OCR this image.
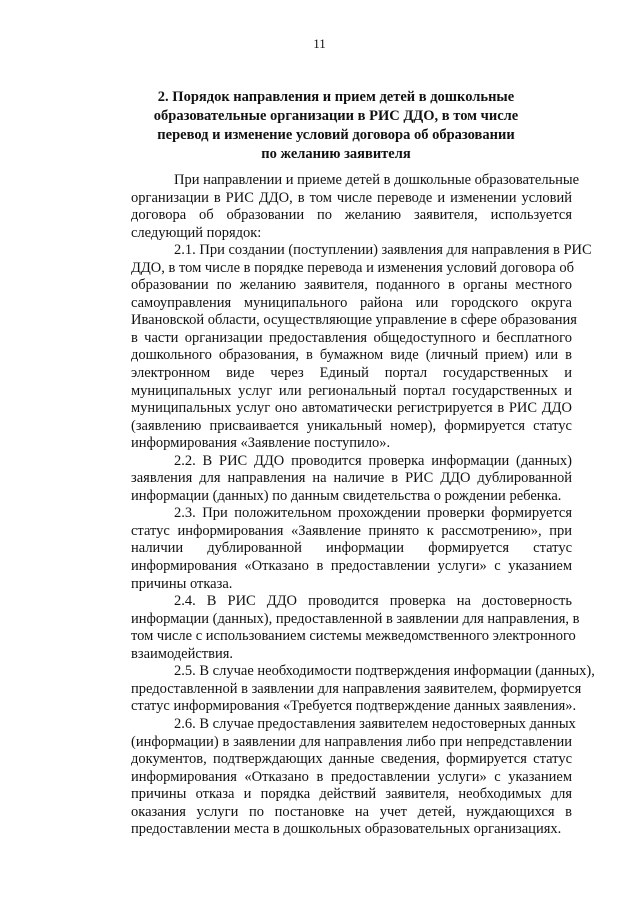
11
2. Порядок направления и прием детей в дошкольные
образовательные организации в РИС ДДО, в том числе
перевод и изменение условий договора об образовании
по желанию заявителя
При направлении и приеме детей в дошкольные образовательные
организации в РИС ДДО, в том числе переводе и изменении условий
договора об образовании по желанию заявителя, используется
следующий порядок:
2.1. При создании (поступлении) заявления для направления в РИС
ДДО, в том числе в порядке перевода и изменения условий договора об
образовании по желанию заявителя, поданного в органы местного
самоуправления муниципального района или городского округа
Ивановской области, осуществляющие управление в сфере образования
в части организации предоставления общедоступного и бесплатного
дошкольного образования, в бумажном виде (личный прием) или в
электронном виде через Единый портал государственных и
муниципальных услуг или региональный портал государственных и
муниципальных услуг оно автоматически регистрируется в РИС ДДО
(заявлению присваивается уникальный номер), формируется статус
информирования «Заявление поступило».
2.2. В РИС ДДО проводится проверка информации (данных)
заявления для направления на наличие в РИС ДДО дублированной
информации (данных) по данным свидетельства о рождении ребенка.
2.3. При положительном прохождении проверки формируется
статус информирования «Заявление принято к рассмотрению», при
наличии дублированной информации формируется статус
информирования «Отказано в предоставлении услуги» с указанием
причины отказа.
2.4. В РИС ДДО проводится проверка на достоверность
информации (данных), предоставленной в заявлении для направления, в
том числе с использованием системы межведомственного электронного
взаимодействия.
2.5. В случае необходимости подтверждения информации (данных),
предоставленной в заявлении для направления заявителем, формируется
статус информирования «Требуется подтверждение данных заявления».
2.6. В случае предоставления заявителем недостоверных данных
(информации) в заявлении для направления либо при непредставлении
документов, подтверждающих данные сведения, формируется статус
информирования «Отказано в предоставлении услуги» с указанием
причины отказа и порядка действий заявителя, необходимых для
оказания услуги по постановке на учет детей, нуждающихся в
предоставлении места в дошкольных образовательных организациях.
